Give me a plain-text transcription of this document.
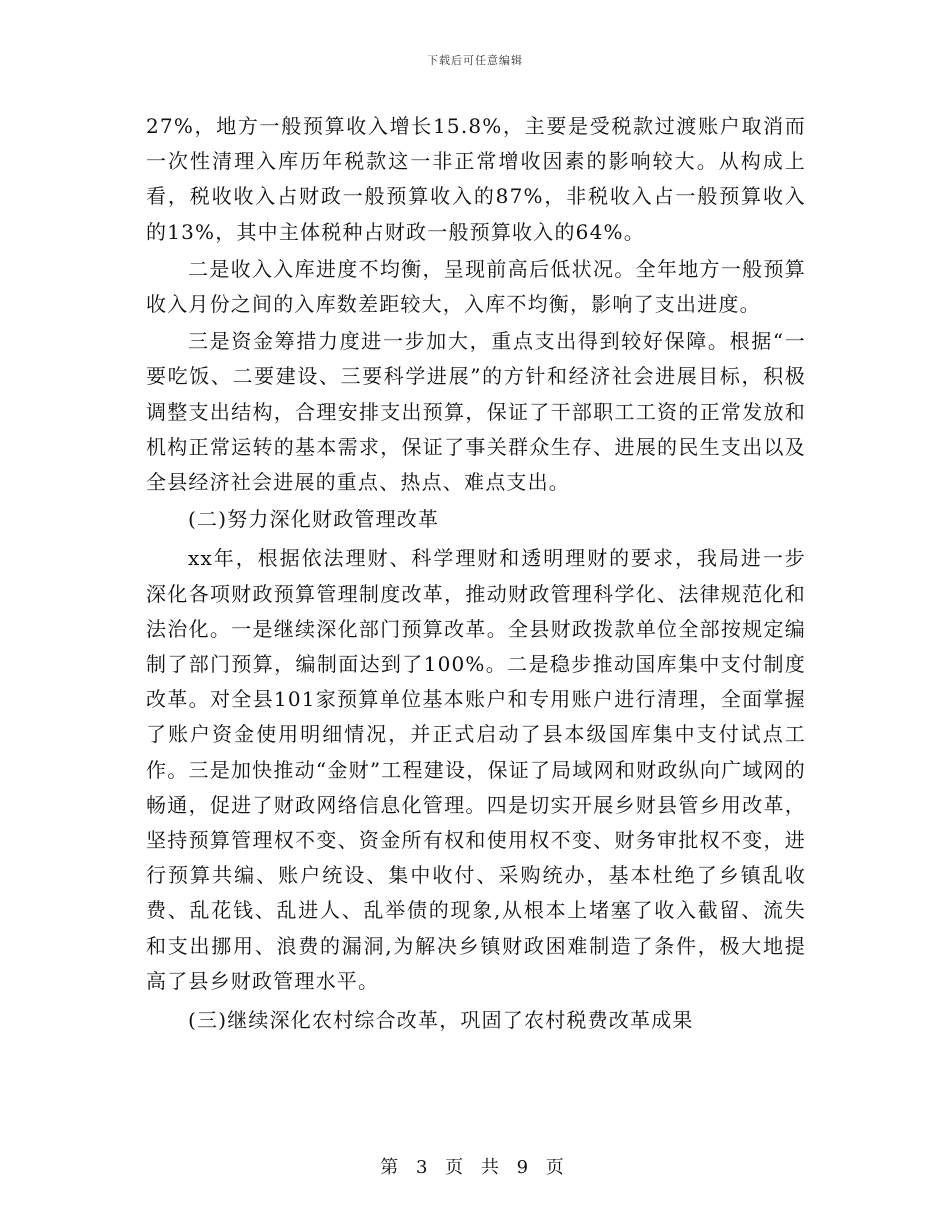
下载后可任意编辑

27%，地方一般预算收入增长15.8%，主要是受税款过渡账户取消而一次性清理入库历年税款这一非正常增收因素的影响较大。从构成上看，税收收入占财政一般预算收入的87%，非税收入占一般预算收入的13%，其中主体税种占财政一般预算收入的64%。

二是收入入库进度不均衡，呈现前高后低状况。全年地方一般预算收入月份之间的入库数差距较大，入库不均衡，影响了支出进度。

三是资金筹措力度进一步加大，重点支出得到较好保障。根据“一要吃饭、二要建设、三要科学进展”的方针和经济社会进展目标，积极调整支出结构，合理安排支出预算，保证了干部职工工资的正常发放和机构正常运转的基本需求，保证了事关群众生存、进展的民生支出以及全县经济社会进展的重点、热点、难点支出。

(二)努力深化财政管理改革

xx年，根据依法理财、科学理财和透明理财的要求，我局进一步深化各项财政预算管理制度改革，推动财政管理科学化、法律规范化和法治化。一是继续深化部门预算改革。全县财政拨款单位全部按规定编制了部门预算，编制面达到了100%。二是稳步推动国库集中支付制度改革。对全县101家预算单位基本账户和专用账户进行清理，全面掌握了账户资金使用明细情况，并正式启动了县本级国库集中支付试点工作。三是加快推动“金财”工程建设，保证了局域网和财政纵向广域网的畅通，促进了财政网络信息化管理。四是切实开展乡财县管乡用改革，坚持预算管理权不变、资金所有权和使用权不变、财务审批权不变，进行预算共编、账户统设、集中收付、采购统办，基本杜绝了乡镇乱收费、乱花钱、乱进人、乱举债的现象,从根本上堵塞了收入截留、流失和支出挪用、浪费的漏洞,为解决乡镇财政困难制造了条件，极大地提高了县乡财政管理水平。

(三)继续深化农村综合改革，巩固了农村税费改革成果

第 3 页 共 9 页
